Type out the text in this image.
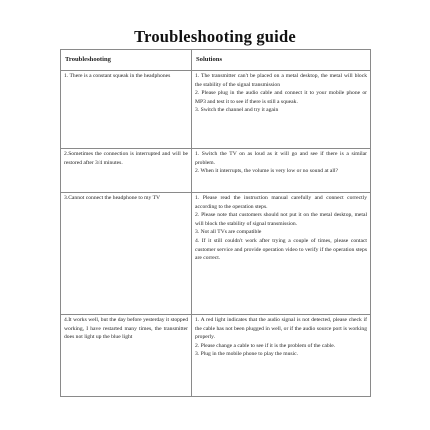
Troubleshooting guide
Troubleshooting	Solutions
1. There is a constant squeak in the headphones	1. The transmitter can't be placed on a metal desktop, the metal will block the stability of the signal transmission
2. Please plug in the audio cable and connect it to your mobile phone or MP3 and test it to see if there is still a squeak.
3. Switch the channel and try it again

2.Sometimes the connection is interrupted and will be restored after 3/4 minutes.	1. Switch the TV on as loud as it will go and see if there is a similar problem.
2. When it interrupts, the volume is very low or no sound at all?

3.Cannot connect the headphone to my TV	1. Please read the instruction manual carefully and connect correctly according to the operation steps.
2. Please note that customers should not put it on the metal desktop, metal will block the stability of signal transmission.
3. Not all TVs are compatible
4. If it still couldn't work after trying a couple of times, please contact customer service and provide operation video to verify if the operation steps are correct.

4.It works well, but the day before yesterday it stopped working, I have restarted many times, the transmitter does not light up the blue light	1. A red light indicates that the audio signal is not detected, please check if the cable has not been plugged in well, or if the audio source port is working properly.
2. Please change a cable to see if it is the problem of the cable.
3. Plug in the mobile phone to play the music.
